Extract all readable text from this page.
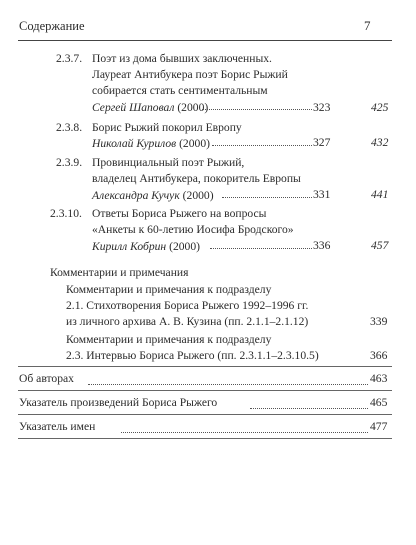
Содержание	7
2.3.7. Поэт из дома бывших заключенных.
Лауреат Антибукера поэт Борис Рыжий
собирается стать сентиментальным
Сергей Шаповал (2000)	323	425
2.3.8. Борис Рыжий покорил Европу
Николай Курилов (2000)	327	432
2.3.9. Провинциальный поэт Рыжий,
владелец Антибукера, покоритель Европы
Александра Кучук (2000)	331	441
2.3.10. Ответы Бориса Рыжего на вопросы
«Анкеты к 60-летию Иосифа Бродского»
Кирилл Кобрин (2000)	336	457
Комментарии и примечания
Комментарии и примечания к подразделу
2.1. Стихотворения Бориса Рыжего 1992–1996 гг.
из личного архива А. В. Кузина (пп. 2.1.1–2.1.12)	339
Комментарии и примечания к подразделу
2.3. Интервью Бориса Рыжего (пп. 2.3.1.1–2.3.10.5)	366
Об авторах	463
Указатель произведений Бориса Рыжего	465
Указатель имен	477
